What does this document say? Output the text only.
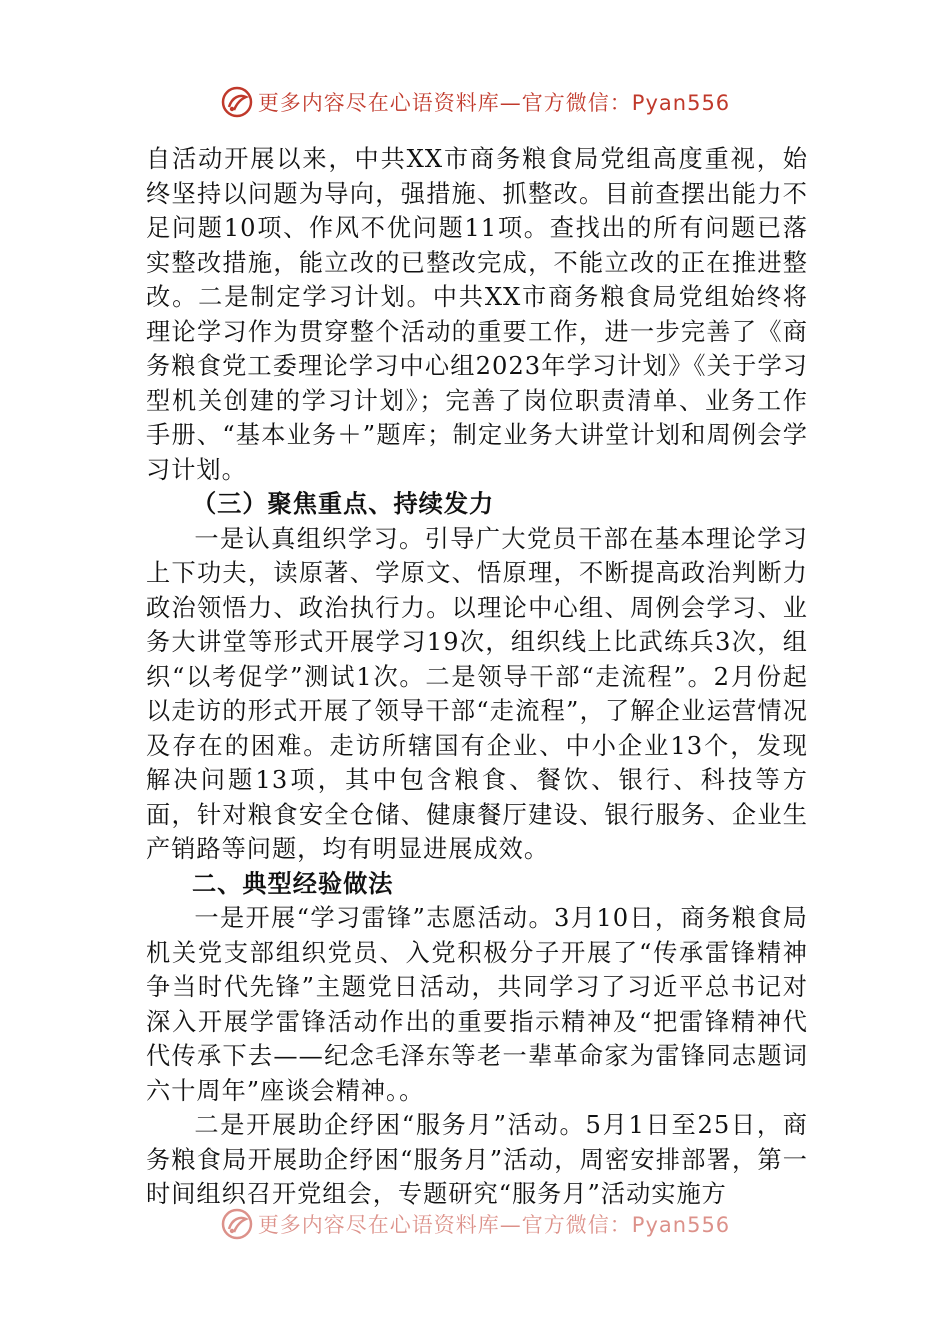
更多内容尽在心语资料库—官方微信：Pyan556

自活动开展以来，中共XX市商务粮食局党组高度重视，始终坚持以问题为导向，强措施、抓整改。目前查摆出能力不足问题10项、作风不优问题11项。查找出的所有问题已落实整改措施，能立改的已整改完成，不能立改的正在推进整改。二是制定学习计划。中共XX市商务粮食局党组始终将理论学习作为贯穿整个活动的重要工作，进一步完善了《商务粮食党工委理论学习中心组2023年学习计划》《关于学习型机关创建的学习计划》；完善了岗位职责清单、业务工作手册、“基本业务＋”题库；制定业务大讲堂计划和周例会学习计划。

（三）聚焦重点、持续发力

一是认真组织学习。引导广大党员干部在基本理论学习上下功夫，读原著、学原文、悟原理，不断提高政治判断力政治领悟力、政治执行力。以理论中心组、周例会学习、业务大讲堂等形式开展学习19次，组织线上比武练兵3次，组织“以考促学”测试1次。二是领导干部“走流程”。2月份起以走访的形式开展了领导干部“走流程”，了解企业运营情况及存在的困难。走访所辖国有企业、中小企业13个，发现解决问题13项，其中包含粮食、餐饮、银行、科技等方面，针对粮食安全仓储、健康餐厅建设、银行服务、企业生产销路等问题，均有明显进展成效。

二、典型经验做法

一是开展“学习雷锋”志愿活动。3月10日，商务粮食局机关党支部组织党员、入党积极分子开展了“传承雷锋精神争当时代先锋”主题党日活动，共同学习了习近平总书记对深入开展学雷锋活动作出的重要指示精神及“把雷锋精神代代传承下去——纪念毛泽东等老一辈革命家为雷锋同志题词六十周年”座谈会精神。。

二是开展助企纾困“服务月”活动。5月1日至25日，商务粮食局开展助企纾困“服务月”活动，周密安排部署，第一时间组织召开党组会，专题研究“服务月”活动实施方

更多内容尽在心语资料库—官方微信：Pyan556
